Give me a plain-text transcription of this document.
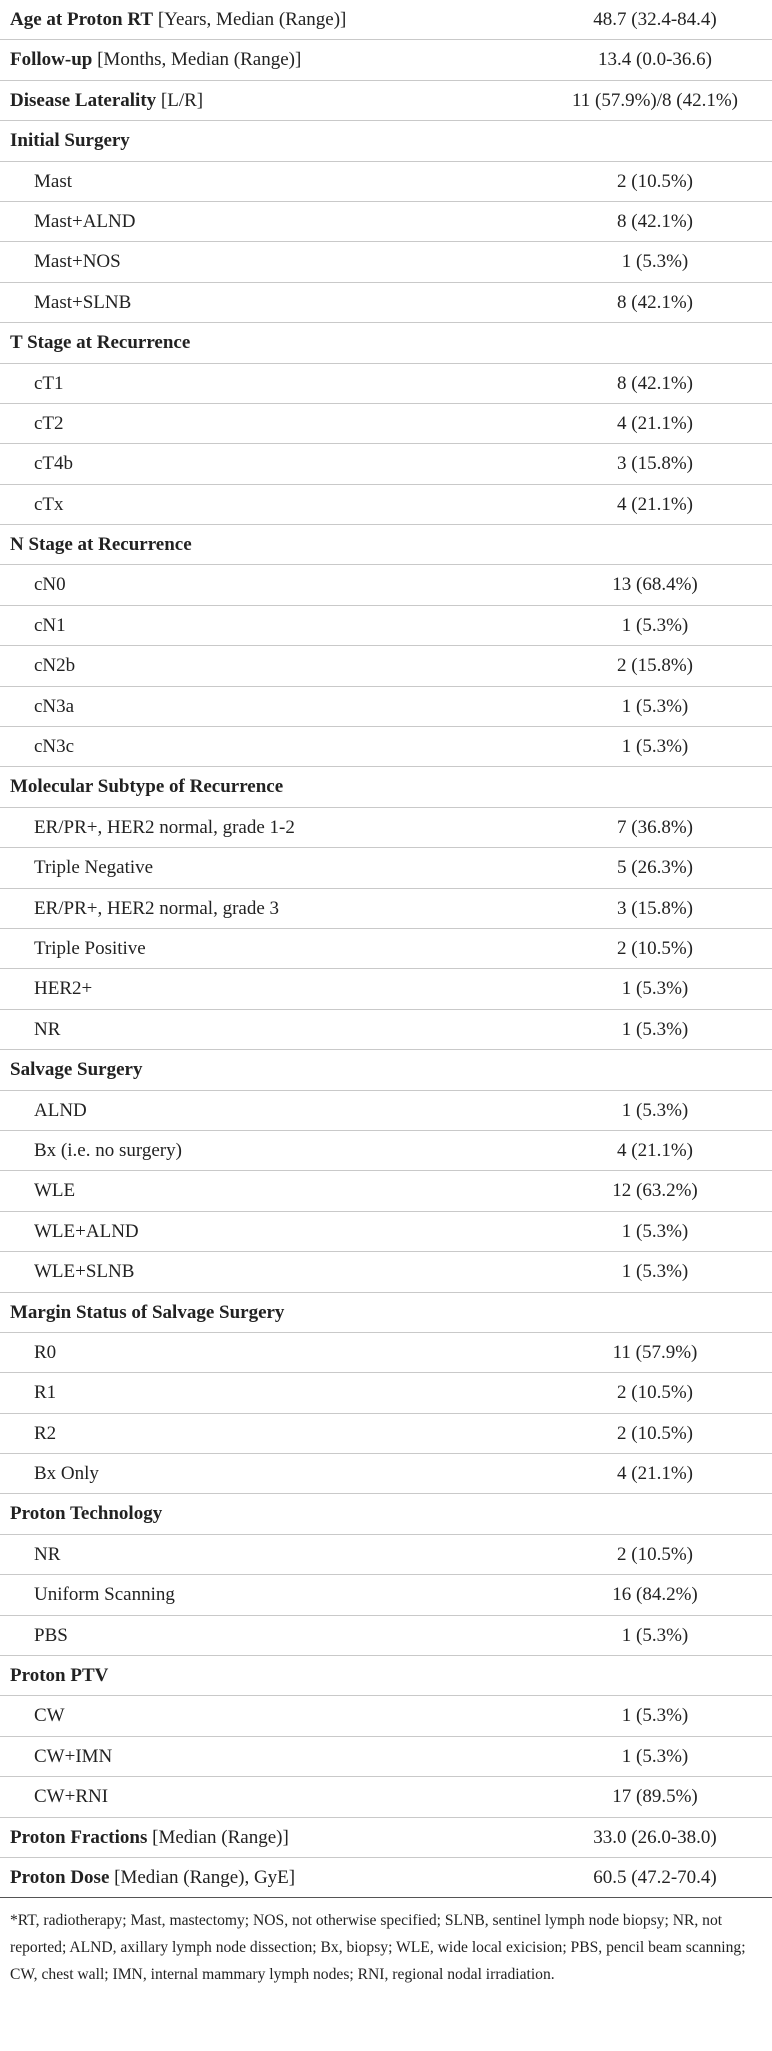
Age at Proton RT [Years, Median (Range)]	48.7 (32.4-84.4)
Follow-up [Months, Median (Range)]	13.4 (0.0-36.6)
Disease Laterality [L/R]	11 (57.9%)/8 (42.1%)
Initial Surgery
Mast	2 (10.5%)
Mast+ALND	8 (42.1%)
Mast+NOS	1 (5.3%)
Mast+SLNB	8 (42.1%)
T Stage at Recurrence
cT1	8 (42.1%)
cT2	4 (21.1%)
cT4b	3 (15.8%)
cTx	4 (21.1%)
N Stage at Recurrence
cN0	13 (68.4%)
cN1	1 (5.3%)
cN2b	2 (15.8%)
cN3a	1 (5.3%)
cN3c	1 (5.3%)
Molecular Subtype of Recurrence
ER/PR+, HER2 normal, grade 1-2	7 (36.8%)
Triple Negative	5 (26.3%)
ER/PR+, HER2 normal, grade 3	3 (15.8%)
Triple Positive	2 (10.5%)
HER2+	1 (5.3%)
NR	1 (5.3%)
Salvage Surgery
ALND	1 (5.3%)
Bx (i.e. no surgery)	4 (21.1%)
WLE	12 (63.2%)
WLE+ALND	1 (5.3%)
WLE+SLNB	1 (5.3%)
Margin Status of Salvage Surgery
R0	11 (57.9%)
R1	2 (10.5%)
R2	2 (10.5%)
Bx Only	4 (21.1%)
Proton Technology
NR	2 (10.5%)
Uniform Scanning	16 (84.2%)
PBS	1 (5.3%)
Proton PTV
CW	1 (5.3%)
CW+IMN	1 (5.3%)
CW+RNI	17 (89.5%)
Proton Fractions [Median (Range)]	33.0 (26.0-38.0)
Proton Dose [Median (Range), GyE]	60.5 (47.2-70.4)

*RT, radiotherapy; Mast, mastectomy; NOS, not otherwise specified; SLNB, sentinel lymph node biopsy; NR, not reported; ALND, axillary lymph node dissection; Bx, biopsy; WLE, wide local exicision; PBS, pencil beam scanning; CW, chest wall; IMN, internal mammary lymph nodes; RNI, regional nodal irradiation.
